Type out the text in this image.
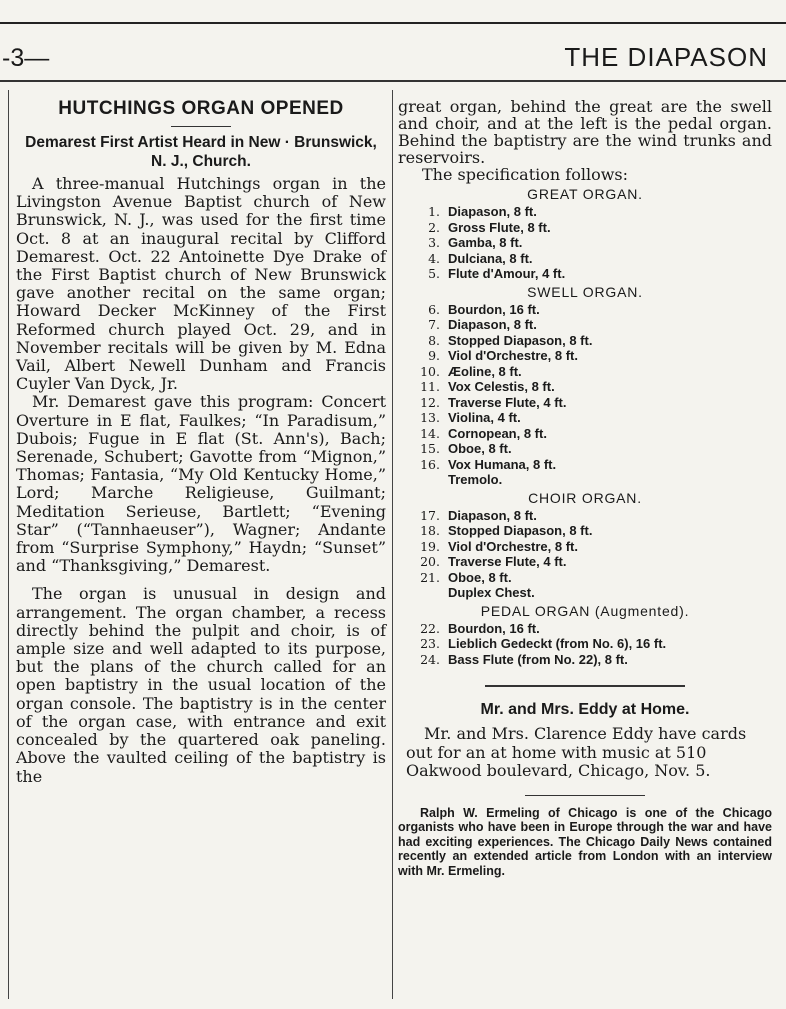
-3—	THE DIAPASON
HUTCHINGS ORGAN OPENED
Demarest First Artist Heard in New · Brunswick, N. J., Church.

A three-manual Hutchings organ in the Livingston Avenue Baptist church of New Brunswick, N. J., was used for the first time Oct. 8 at an inaugural recital by Clifford Demarest. Oct. 22 Antoinette Dye Drake of the First Baptist church of New Brunswick gave another recital on the same organ; Howard Decker McKinney of the First Reformed church played Oct. 29, and in November recitals will be given by M. Edna Vail, Albert Newell Dunham and Francis Cuyler Van Dyck, Jr.

Mr. Demarest gave this program: Concert Overture in E flat, Faulkes; “In Paradisum,” Dubois; Fugue in E flat (St. Ann's), Bach; Serenade, Schubert; Gavotte from “Mignon,” Thomas; Fantasia, “My Old Kentucky Home,” Lord; Marche Religieuse, Guilmant; Meditation Serieuse, Bartlett; “Evening Star” (“Tannhaeuser”), Wagner; Andante from “Surprise Symphony,” Haydn; “Sunset” and “Thanksgiving,” Demarest.

The organ is unusual in design and arrangement. The organ chamber, a recess directly behind the pulpit and choir, is of ample size and well adapted to its purpose, but the plans of the church called for an open baptistry in the usual location of the organ console. The baptistry is in the center of the organ case, with entrance and exit concealed by the quartered oak paneling. Above the vaulted ceiling of the baptistry is the

great organ, behind the great are the swell and choir, and at the left is the pedal organ. Behind the baptistry are the wind trunks and reservoirs.

The specification follows:

GREAT ORGAN.
1. Diapason, 8 ft.
2. Gross Flute, 8 ft.
3. Gamba, 8 ft.
4. Dulciana, 8 ft.
5. Flute d'Amour, 4 ft.
SWELL ORGAN.
6. Bourdon, 16 ft.
7. Diapason, 8 ft.
8. Stopped Diapason, 8 ft.
9. Viol d'Orchestre, 8 ft.
10. Æoline, 8 ft.
11. Vox Celestis, 8 ft.
12. Traverse Flute, 4 ft.
13. Violina, 4 ft.
14. Cornopean, 8 ft.
15. Oboe, 8 ft.
16. Vox Humana, 8 ft.
Tremolo.
CHOIR ORGAN.
17. Diapason, 8 ft.
18. Stopped Diapason, 8 ft.
19. Viol d'Orchestre, 8 ft.
20. Traverse Flute, 4 ft.
21. Oboe, 8 ft.
Duplex Chest.
PEDAL ORGAN (Augmented).
22. Bourdon, 16 ft.
23. Lieblich Gedeckt (from No. 6), 16 ft.
24. Bass Flute (from No. 22), 8 ft.
Mr. and Mrs. Eddy at Home.

Mr. and Mrs. Clarence Eddy have cards out for an at home with music at 510 Oakwood boulevard, Chicago, Nov. 5.

Ralph W. Ermeling of Chicago is one of the Chicago organists who have been in Europe through the war and have had exciting experiences. The Chicago Daily News contained recently an extended article from London with an interview with Mr. Ermeling.
